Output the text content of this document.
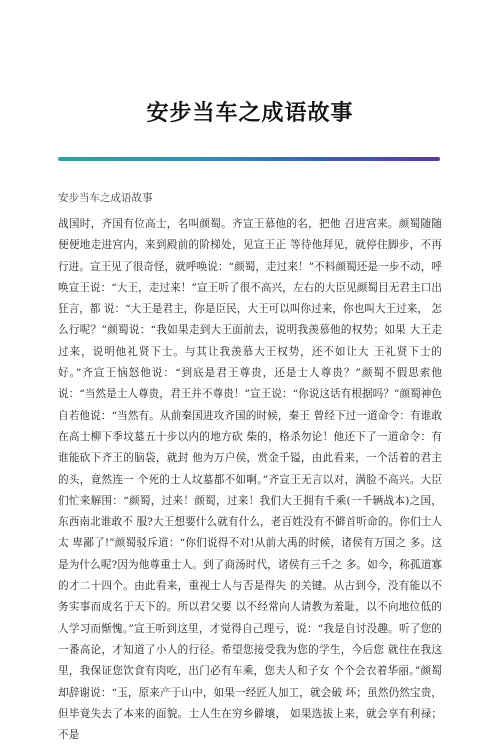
安步当车之成语故事

安步当车之成语故事

战国时，齐国有位高士，名叫颜蜀。齐宣王慕他的名，把他 召进宫来。颜蜀随随便便地走进宫内，来到殿前的阶梯处，见宣王正 等待他拜见，就停住脚步，不再行进。宣王见了很奇怪，就呼唤说：“颜蜀，走过来！”不料颜蜀还是一步不动，呼唤宣王说：“大王，走过来！”宣王听了很不高兴，左右的大臣见颜蜀目无君主口出狂言，都 说：“大王是君主，你是臣民，大王可以叫你过来，你也叫大王过来， 怎么行呢？”颜蜀说：“我如果走到大王面前去，说明我羡慕他的权势；如果 大王走过来，说明他礼贤下士。与其让我羡慕大王权势，还不如让大 王礼贤下士的好。”齐宣王恼怒他说：“到底是君王尊贵，还是士人尊贵？”颜蜀不假思索他说：“当然是士人尊贵，君王并不尊贵！”宣王说：“你说这话有根据吗？”颜蜀神色自若他说：“当然有。从前秦国进攻齐国的时候，秦王 曾经下过一道命令：有谁敢在高士柳下季坟墓五十步以内的地方砍 柴的，格杀勿论！他还下了一道命令：有谁能砍下齐王的脑袋，就封 他为万户侯，赏金千镒，由此看来，一个活着的君主的头，竟然连一 个死的士人坟墓都不如啊。”齐宣王无言以对，满脸不高兴。大臣们忙来解围：“颜蜀，过来！颜蜀，过来！我们大王拥有千乘(一千辆战本)之国，东西南北谁敢不 服?大王想要什么就有什么，老百姓没有不僻首听命的。你们士人太 卑鄙了!”颜蜀驳斥道：“你们说得不对!从前大禹的时候，诸侯有万国之 多。这是为什么呢?因为他尊重士人。到了商汤时代，诸侯有三千之 多。如今，称孤道寡的才二十四个。由此看来，重视士人与否是得失 的关键。从古到今，没有能以不务实事而成名于天下的。所以君父要 以不经常向人请教为羞耻，以不向地位低的人学习而惭愧。”宣王听到这里，才觉得自己理亏，说：“我是自讨没趣。听了您的 一番高论，才知道了小人的行径。希望您接受我为您的学生，今后您 就住在我这里，我保证您饮食有肉吃，出门必有车乘，您夫人和子女 个个会衣着华丽。”颜蜀却辞谢说：“玉，原来产于山中，如果一经匠人加工，就会破 坏；虽然仍然宝贵，但毕竟失去了本来的面貌。士人生在穷乡僻壤， 如果选拔上来，就会享有利禄；不是
